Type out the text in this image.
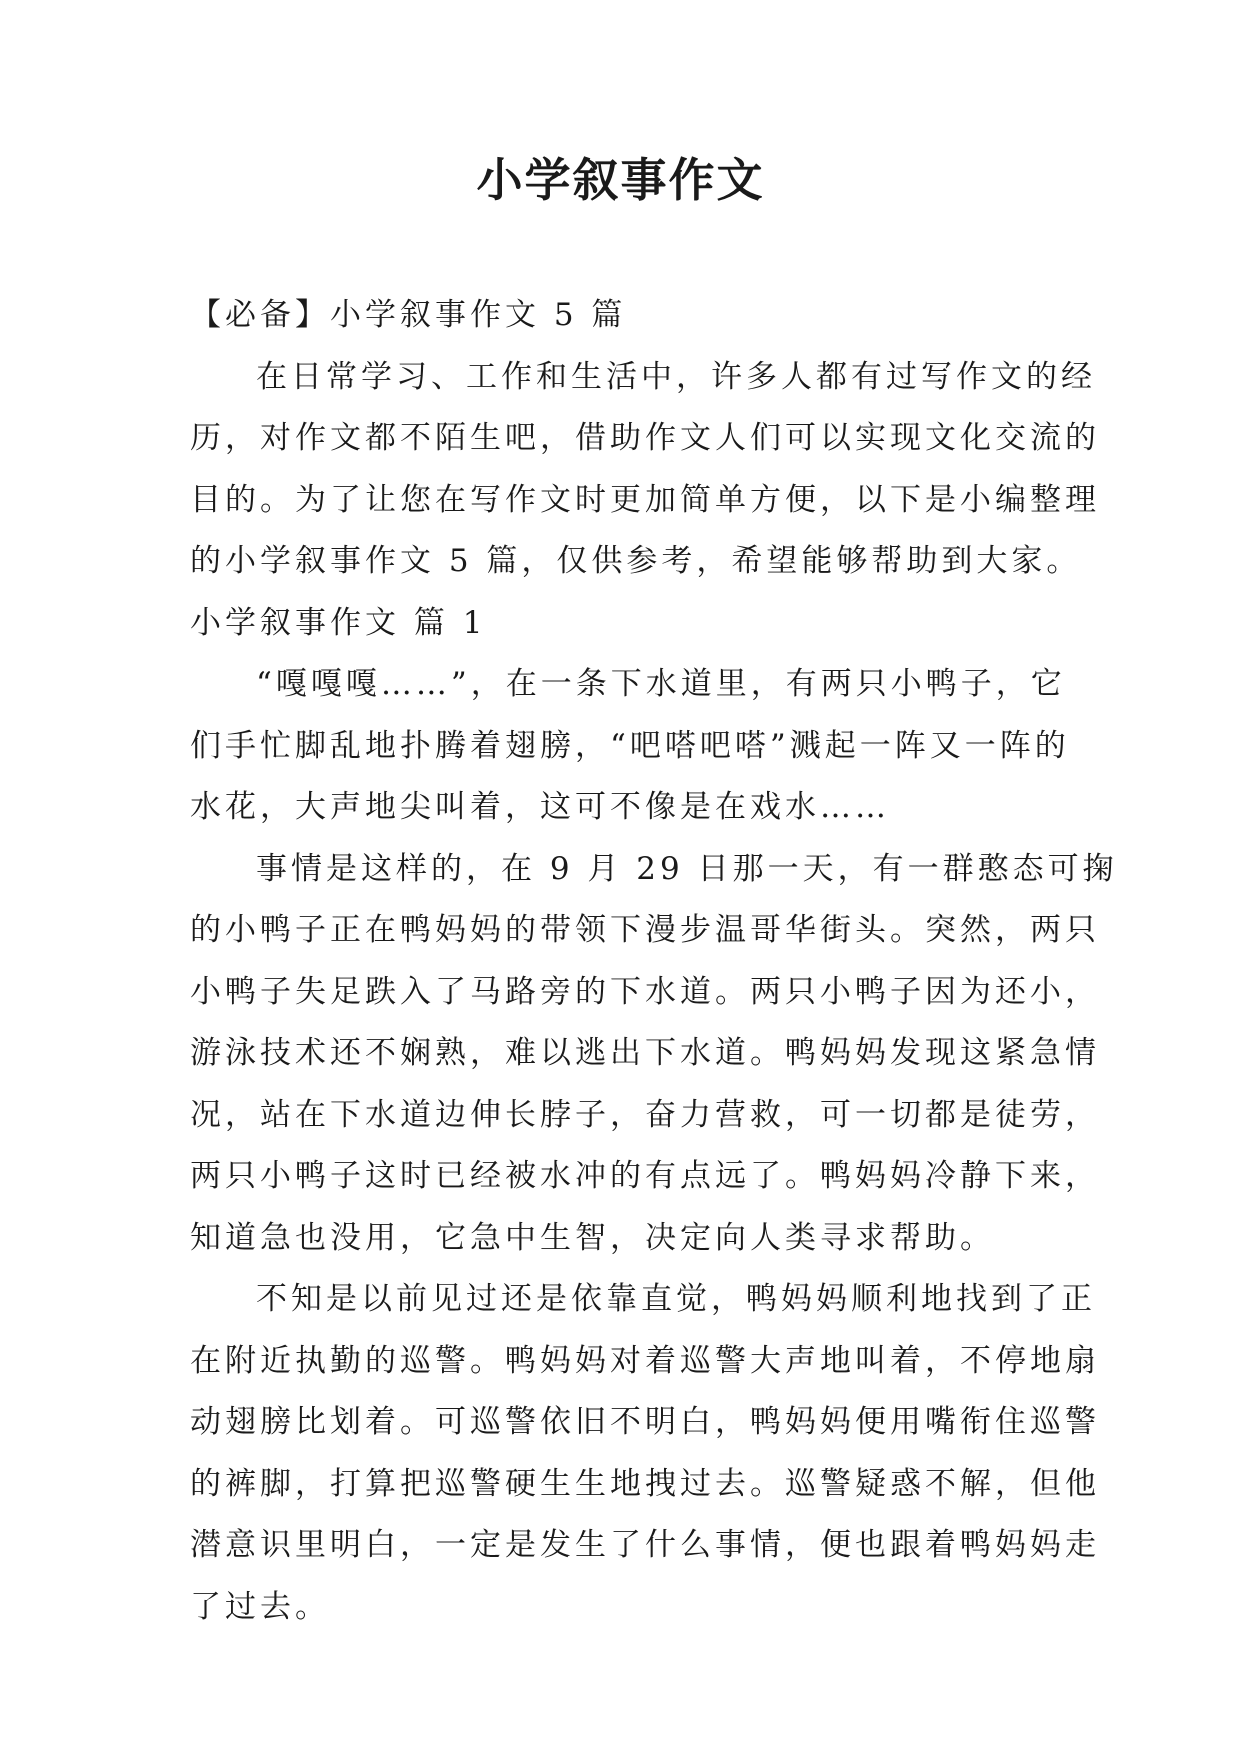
小学叙事作文

【必备】小学叙事作文 5 篇

在日常学习、工作和生活中，许多人都有过写作文的经

历，对作文都不陌生吧，借助作文人们可以实现文化交流的

目的。为了让您在写作文时更加简单方便，以下是小编整理

的小学叙事作文 5 篇，仅供参考，希望能够帮助到大家。

小学叙事作文 篇 1

“嘎嘎嘎……”，在一条下水道里，有两只小鸭子，它

们手忙脚乱地扑腾着翅膀，“吧嗒吧嗒”溅起一阵又一阵的

水花，大声地尖叫着，这可不像是在戏水……

事情是这样的，在 9 月 29 日那一天，有一群憨态可掬

的小鸭子正在鸭妈妈的带领下漫步温哥华街头。突然，两只

小鸭子失足跌入了马路旁的下水道。两只小鸭子因为还小，

游泳技术还不娴熟，难以逃出下水道。鸭妈妈发现这紧急情

况，站在下水道边伸长脖子，奋力营救，可一切都是徒劳，

两只小鸭子这时已经被水冲的有点远了。鸭妈妈冷静下来，

知道急也没用，它急中生智，决定向人类寻求帮助。

不知是以前见过还是依靠直觉，鸭妈妈顺利地找到了正

在附近执勤的巡警。鸭妈妈对着巡警大声地叫着，不停地扇

动翅膀比划着。可巡警依旧不明白，鸭妈妈便用嘴衔住巡警

的裤脚，打算把巡警硬生生地拽过去。巡警疑惑不解，但他

潜意识里明白，一定是发生了什么事情，便也跟着鸭妈妈走

了过去。
